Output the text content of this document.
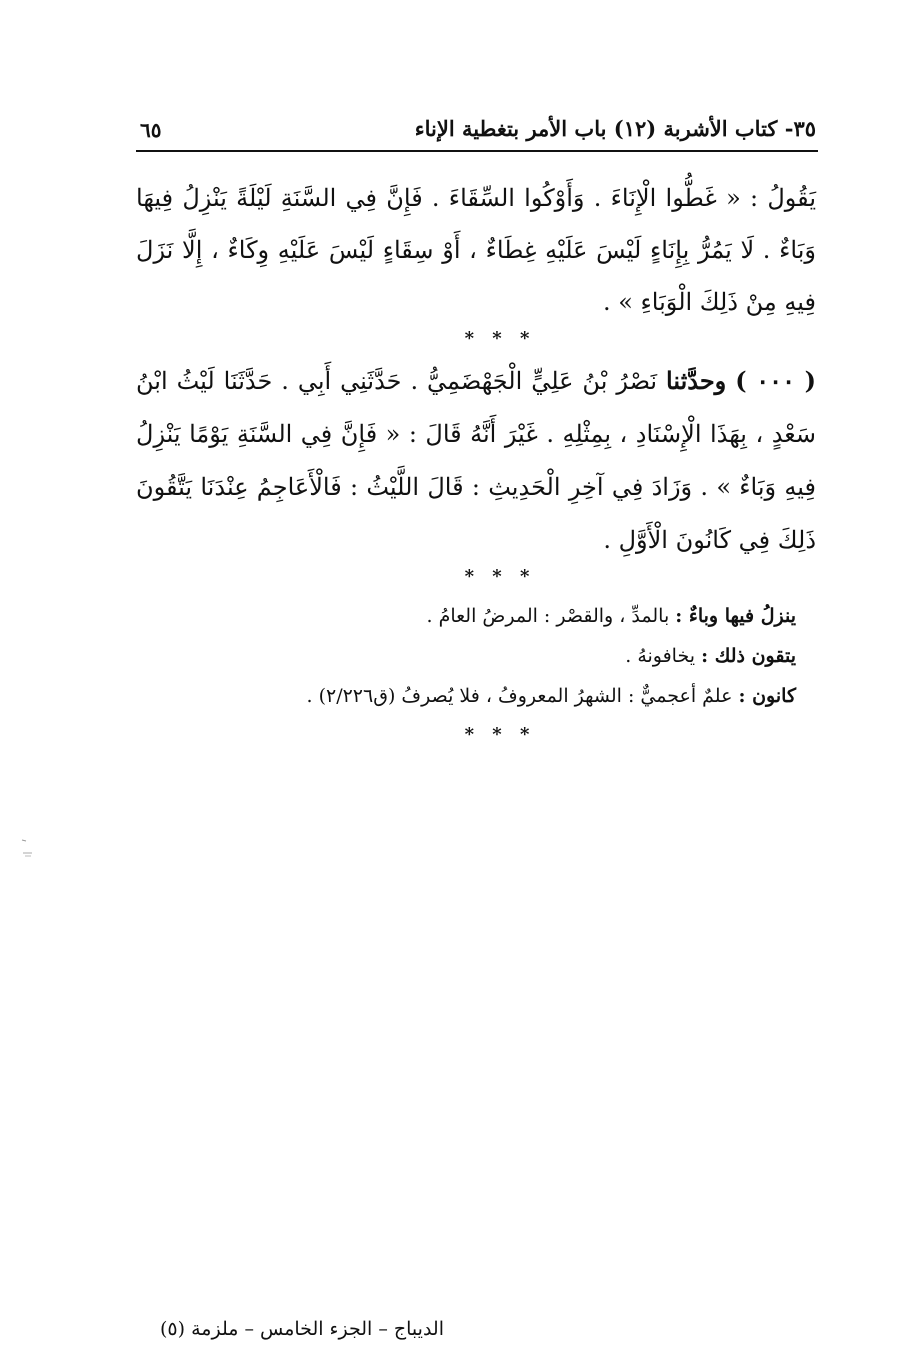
٣٥- كتاب الأشربة (١٢) باب الأمر بتغطية الإناء
٦٥
يَقُولُ : « غَطُّوا الْإِنَاءَ . وَأَوْكُوا السِّقَاءَ . فَإِنَّ فِي السَّنَةِ لَيْلَةً يَنْزِلُ فِيهَا وَبَاءٌ . لَا يَمُرُّ بِإِنَاءٍ لَيْسَ عَلَيْهِ غِطَاءٌ ، أَوْ سِقَاءٍ لَيْسَ عَلَيْهِ وِكَاءٌ ، إِلَّا نَزَلَ فِيهِ مِنْ ذَلِكَ الْوَبَاءِ » .
* * *
( ٠٠٠ ) وحدَّثنا نَصْرُ بْنُ عَلِيٍّ الْجَهْضَمِيُّ . حَدَّثَنِي أَبِي . حَدَّثَنَا لَيْثُ ابْنُ سَعْدٍ ، بِهَذَا الْإِسْنَادِ ، بِمِثْلِهِ . غَيْرَ أَنَّهُ قَالَ : « فَإِنَّ فِي السَّنَةِ يَوْمًا يَنْزِلُ فِيهِ وَبَاءٌ » . وَزَادَ فِي آخِرِ الْحَدِيثِ : قَالَ اللَّيْثُ : فَالْأَعَاجِمُ عِنْدَنَا يَتَّقُونَ ذَلِكَ فِي كَانُونَ الْأَوَّلِ .
* * *
ينزلُ فيها وباءٌ : بالمدِّ ، والقصْر : المرضُ العامُ .
يتقون ذلك : يخافونهُ .
كانون : علمٌ أعجميٌّ : الشهرُ المعروفُ ، فلا يُصرفُ (ق٢/٢٢٦) .
* * *
الديباج – الجزء الخامس – ملزمة (٥)
